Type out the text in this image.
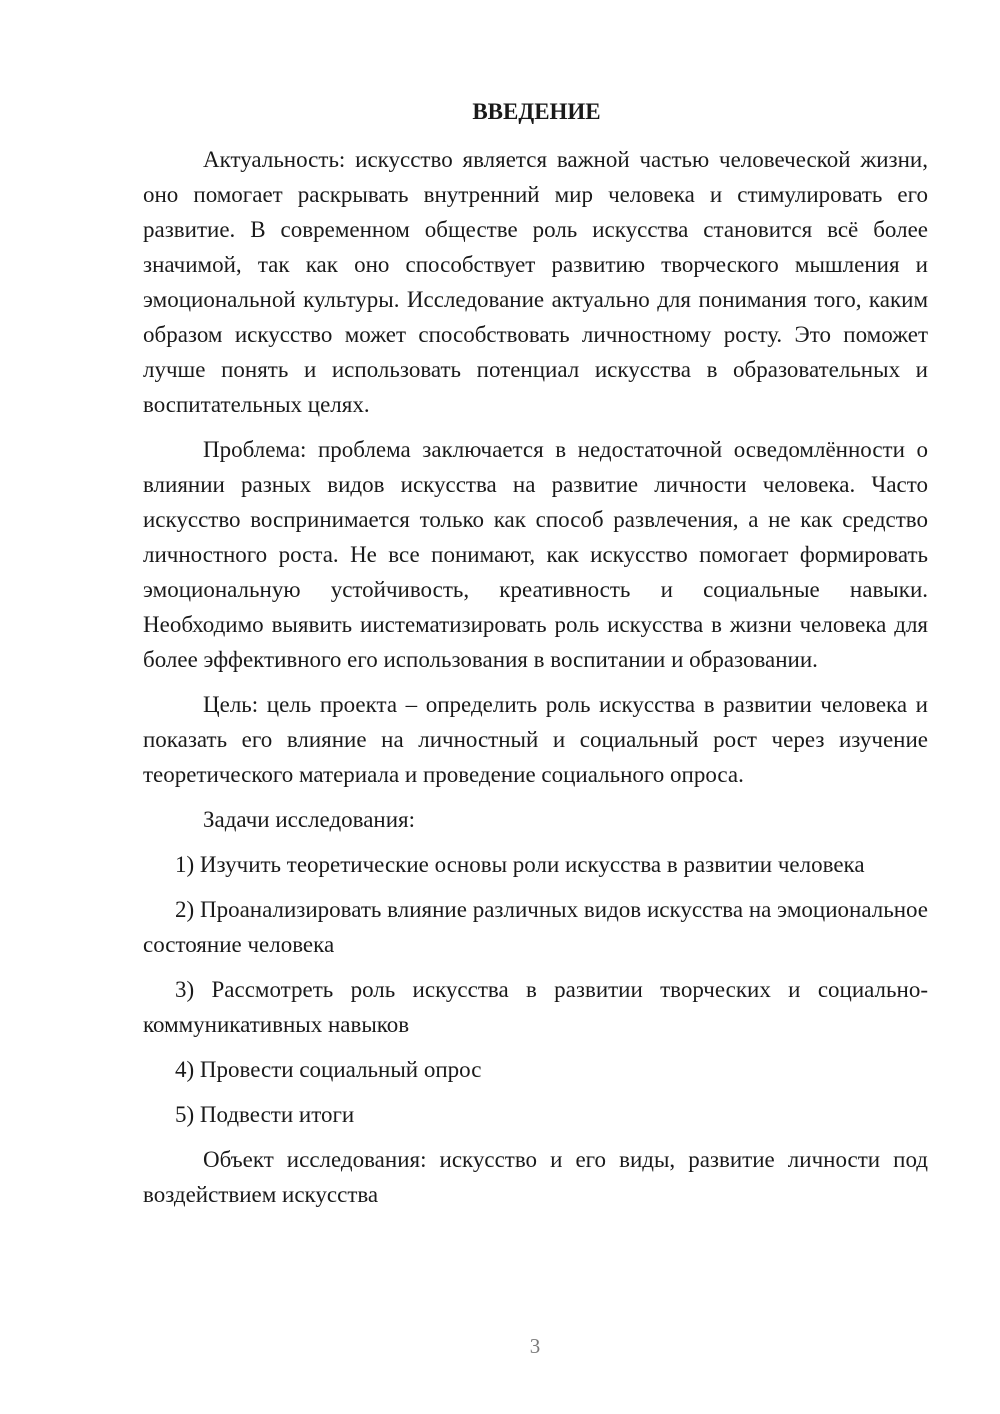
ВВЕДЕНИЕ

Актуальность: искусство является важной частью человеческой жизни, оно помогает раскрывать внутренний мир человека и стимулировать его развитие. В современном обществе роль искусства становится всё более значимой, так как оно способствует развитию творческого мышления и эмоциональной культуры. Исследование актуально для понимания того, каким образом искусство может способствовать личностному росту. Это поможет лучше понять и использовать потенциал искусства в образовательных и воспитательных целях.

Проблема: проблема заключается в недостаточной осведомлённости о влиянии разных видов искусства на развитие личности человека. Часто искусство воспринимается только как способ развлечения, а не как средство личностного роста. Не все понимают, как искусство помогает формировать эмоциональную устойчивость, креативность и социальные навыки. Необходимо выявить иистематизировать роль искусства в жизни человека для более эффективного его использования в воспитании и образовании.

Цель: цель проекта – определить роль искусства в развитии человека и показать его влияние на личностный и социальный рост через изучение теоретического материала и проведение социального опроса.

Задачи исследования:

1) Изучить теоретические основы роли искусства в развитии человека

2) Проанализировать влияние различных видов искусства на эмоциональное состояние человека

3) Рассмотреть роль искусства в развитии творческих и социально-коммуникативных навыков

4) Провести социальный опрос

5) Подвести итоги

Объект исследования: искусство и его виды, развитие личности под воздействием искусства

3
